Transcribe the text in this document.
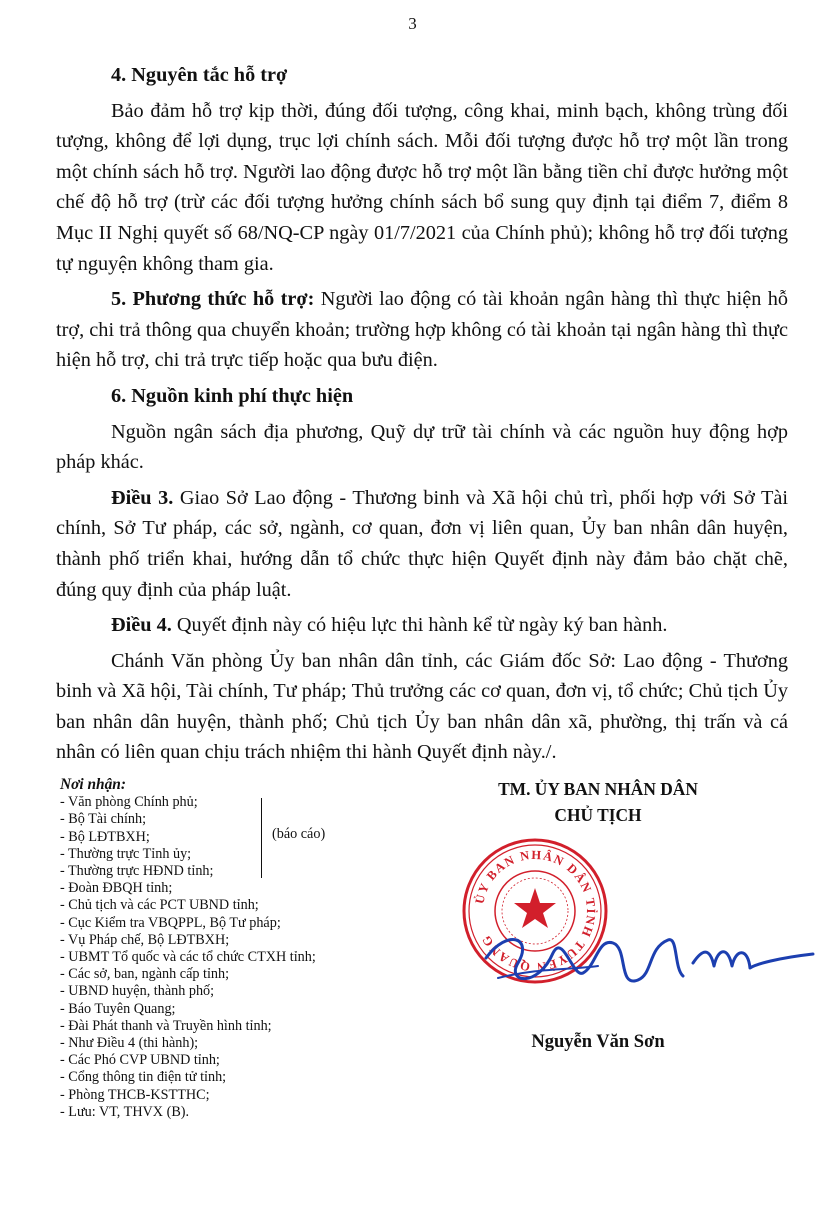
3

4. Nguyên tắc hỗ trợ

Bảo đảm hỗ trợ kịp thời, đúng đối tượng, công khai, minh bạch, không trùng đối tượng, không để lợi dụng, trục lợi chính sách. Mỗi đối tượng được hỗ trợ một lần trong một chính sách hỗ trợ. Người lao động được hỗ trợ một lần bằng tiền chỉ được hưởng một chế độ hỗ trợ (trừ các đối tượng hưởng chính sách bổ sung quy định tại điểm 7, điểm 8 Mục II Nghị quyết số 68/NQ-CP ngày 01/7/2021 của Chính phủ); không hỗ trợ đối tượng tự nguyện không tham gia.

5. Phương thức hỗ trợ: Người lao động có tài khoản ngân hàng thì thực hiện hỗ trợ, chi trả thông qua chuyển khoản; trường hợp không có tài khoản tại ngân hàng thì thực hiện hỗ trợ, chi trả trực tiếp hoặc qua bưu điện.

6. Nguồn kinh phí thực hiện

Nguồn ngân sách địa phương, Quỹ dự trữ tài chính và các nguồn huy động hợp pháp khác.

Điều 3. Giao Sở Lao động - Thương binh và Xã hội chủ trì, phối hợp với Sở Tài chính, Sở Tư pháp, các sở, ngành, cơ quan, đơn vị liên quan, Ủy ban nhân dân huyện, thành phố triển khai, hướng dẫn tổ chức thực hiện Quyết định này đảm bảo chặt chẽ, đúng quy định của pháp luật.

Điều 4. Quyết định này có hiệu lực thi hành kể từ ngày ký ban hành.

Chánh Văn phòng Ủy ban nhân dân tỉnh, các Giám đốc Sở: Lao động - Thương binh và Xã hội, Tài chính, Tư pháp; Thủ trưởng các cơ quan, đơn vị, tổ chức; Chủ tịch Ủy ban nhân dân huyện, thành phố; Chủ tịch Ủy ban nhân dân xã, phường, thị trấn và cá nhân có liên quan chịu trách nhiệm thi hành Quyết định này./.

Nơi nhận:
- Văn phòng Chính phủ;
- Bộ Tài chính;
- Bộ LĐTBXH;
- Thường trực Tỉnh ủy;
- Thường trực HĐND tỉnh;
(báo cáo)
- Đoàn ĐBQH tỉnh;
- Chủ tịch và các PCT UBND tỉnh;
- Cục Kiểm tra VBQPPL, Bộ Tư pháp;
- Vụ Pháp chế, Bộ LĐTBXH;
- UBMT Tổ quốc và các tổ chức CTXH tỉnh;
- Các sở, ban, ngành cấp tỉnh;
- UBND huyện, thành phố;
- Báo Tuyên Quang;
- Đài Phát thanh và Truyền hình tỉnh;
- Như Điều 4 (thi hành);
- Các Phó CVP UBND tỉnh;
- Cổng thông tin điện tử tỉnh;
- Phòng THCB-KSTTHC;
- Lưu: VT, THVX (B).
TM. ỦY BAN NHÂN DÂN
CHỦ TỊCH
ỦY BAN NHÂN DÂN TỈNH TUYÊN QUANG
Nguyễn Văn Sơn
